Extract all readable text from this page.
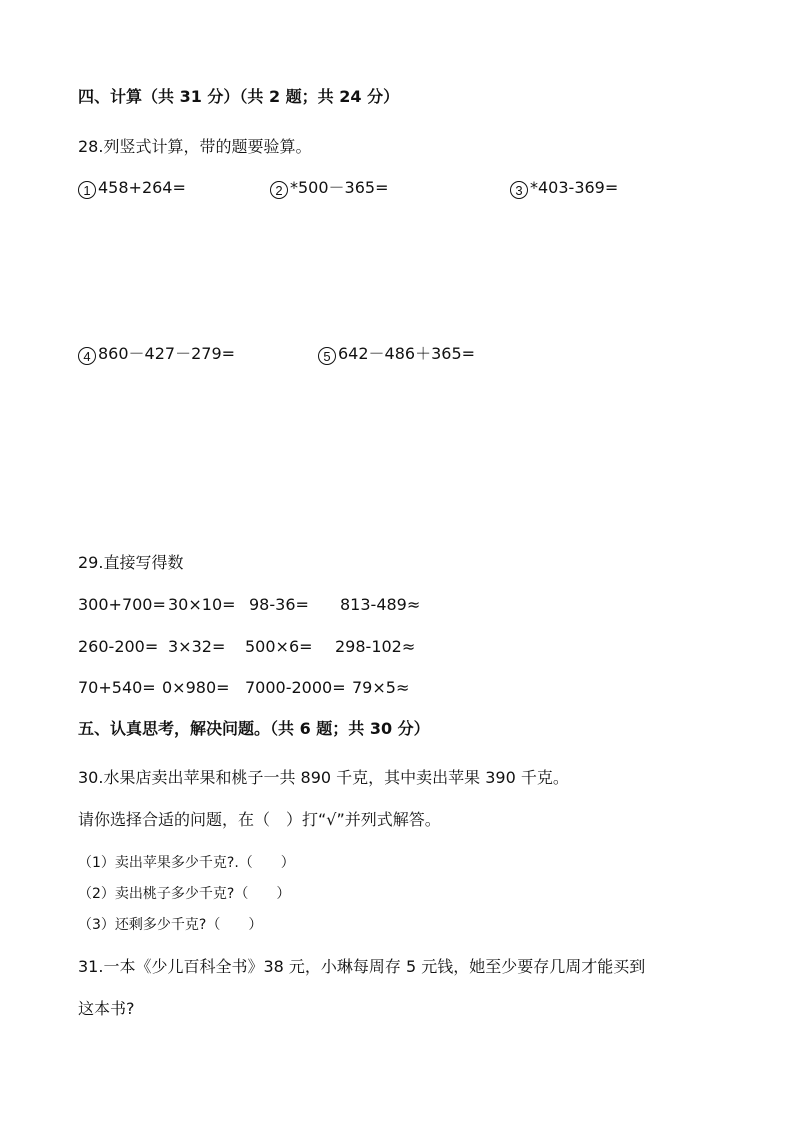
四、计算（共 31 分）（共 2 题；共 24 分）
28.列竖式计算，带的题要验算。
1 458+264=	2 *500－365=	3 *403-369=
4 860－427－279=	5 642－486＋365=
29.直接写得数
300+700= 30×10= 98-36= 813-489≈
260-200= 3×32= 500×6= 298-102≈
70+540= 0×980= 7000-2000= 79×5≈
五、认真思考，解决问题。（共 6 题；共 30 分）
30.水果店卖出苹果和桃子一共 890 千克，其中卖出苹果 390 千克。
请你选择合适的问题，在（　）打“√”并列式解答。
（1）卖出苹果多少千克?.（　　）
（2）卖出桃子多少千克?（　　）
（3）还剩多少千克?（　　）
31.一本《少儿百科全书》38 元，小琳每周存 5 元钱，她至少要存几周才能买到
这本书?
